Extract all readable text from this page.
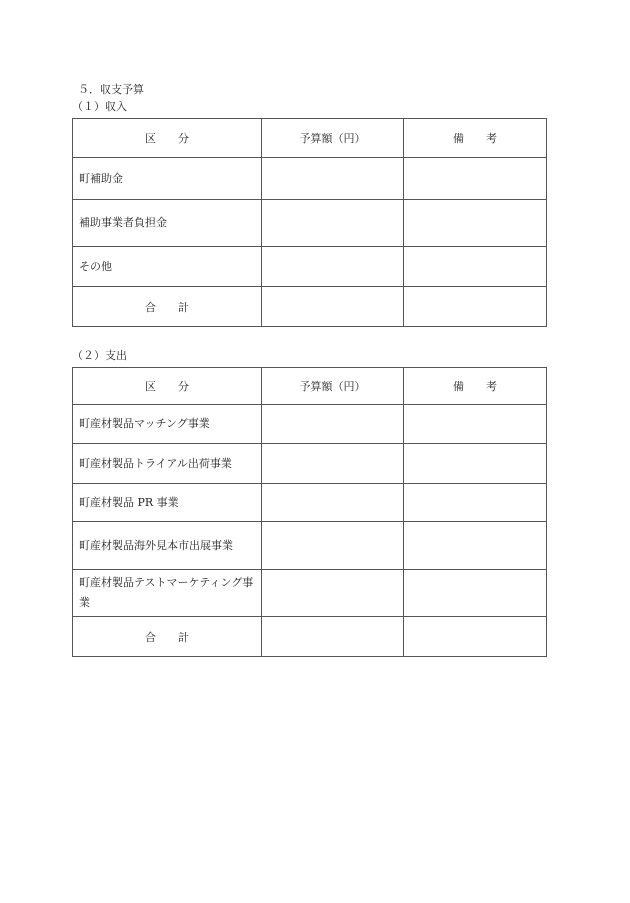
５．収支予算
（１）収入
区　　分	予算額（円）	備　　考
町補助金		
補助事業者負担金		
その他		
合　　計		
（２）支出
区　　分	予算額（円）	備　　考
町産材製品マッチング事業		
町産材製品トライアル出荷事業		
町産材製品 PR 事業		
町産材製品海外見本市出展事業		
町産材製品テストマーケティング事業		
合　　計		
